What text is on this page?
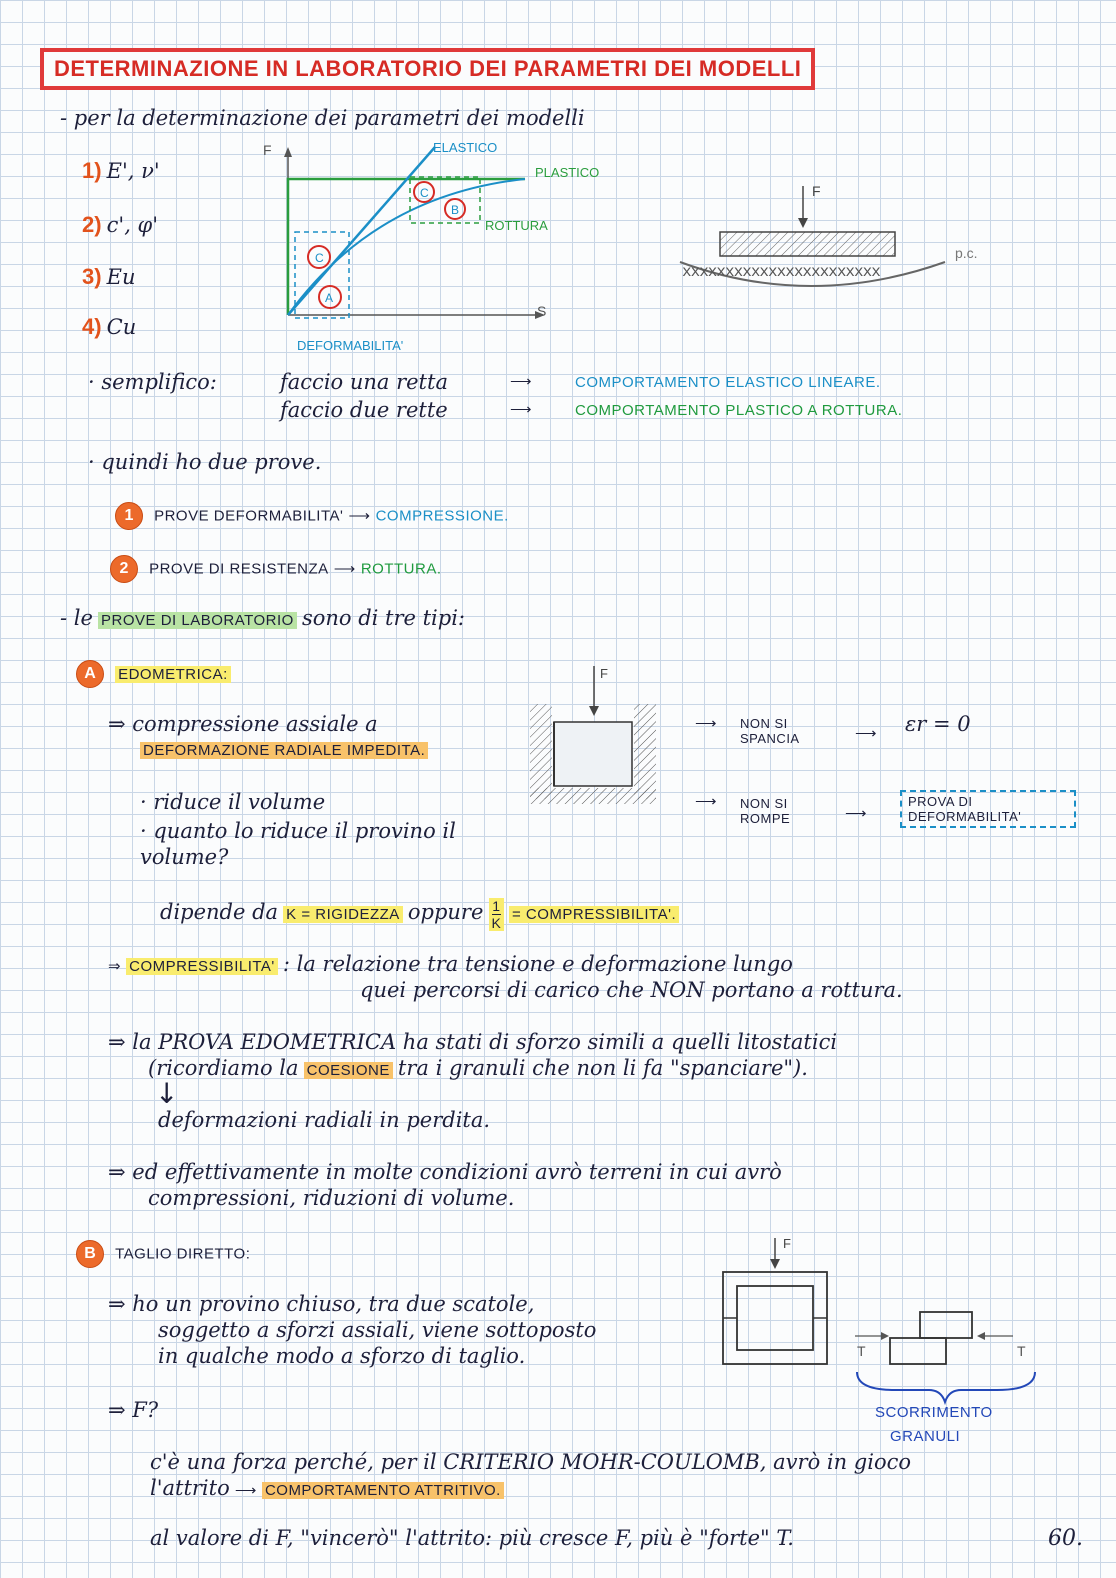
DETERMINAZIONE IN LABORATORIO DEI PARAMETRI DEI MODELLI
- per la determinazione dei parametri dei modelli
1) E', ν'
2) c', φ'
3) Eu
4) Cu
C
A
C
B
F
S
ELASTICO
PLASTICO
ROTTURA
DEFORMABILITA'
F
xxxxxxxxxxxxxxxxxxxxxxx
p.c.
· semplifico:	faccio una retta	⟶	COMPORTAMENTO ELASTICO LINEARE.
faccio due rette	⟶	COMPORTAMENTO PLASTICO A ROTTURA.
· quindi ho due prove.
1 PROVE DEFORMABILITA' ⟶ COMPRESSIONE.
2 PROVE DI RESISTENZA ⟶ ROTTURA.
- le PROVE DI LABORATORIO sono di tre tipi:
A EDOMETRICA:
⇒ compressione assiale a
DEFORMAZIONE RADIALE IMPEDITA.
F
⟶ NON SI SPANCIA	⟶ εr = 0
⟶ NON SI ROMPE	⟶
PROVA DI DEFORMABILITA'
· riduce il volume
· quanto lo riduce il provino il volume?
dipende da K = RIGIDEZZA oppure $\frac{1}{K}$ = COMPRESSIBILITA'.
⇒ COMPRESSIBILITA' : la relazione tra tensione e deformazione lungo
quei percorsi di carico che NON portano a rottura.
⇒ la PROVA EDOMETRICA ha stati di sforzo simili a quelli litostatici
(ricordiamo la COESIONE tra i granuli che non li fa "spanciare").
↓
deformazioni radiali in perdita.
⇒ ed effettivamente in molte condizioni avrò terreni in cui avrò
compressioni, riduzioni di volume.
B TAGLIO DIRETTO:
⇒ ho un provino chiuso, tra due scatole,
soggetto a sforzi assiali, viene sottoposto
in qualche modo a sforzo di taglio.
F
T	T
SCORRIMENTO
GRANULI
⇒ F?
c'è una forza perché, per il CRITERIO MOHR-COULOMB, avrò in gioco
l'attrito ⟶ COMPORTAMENTO ATTRITIVO.
al valore di F, "vincerò" l'attrito: più cresce F, più è "forte" T.	60.
